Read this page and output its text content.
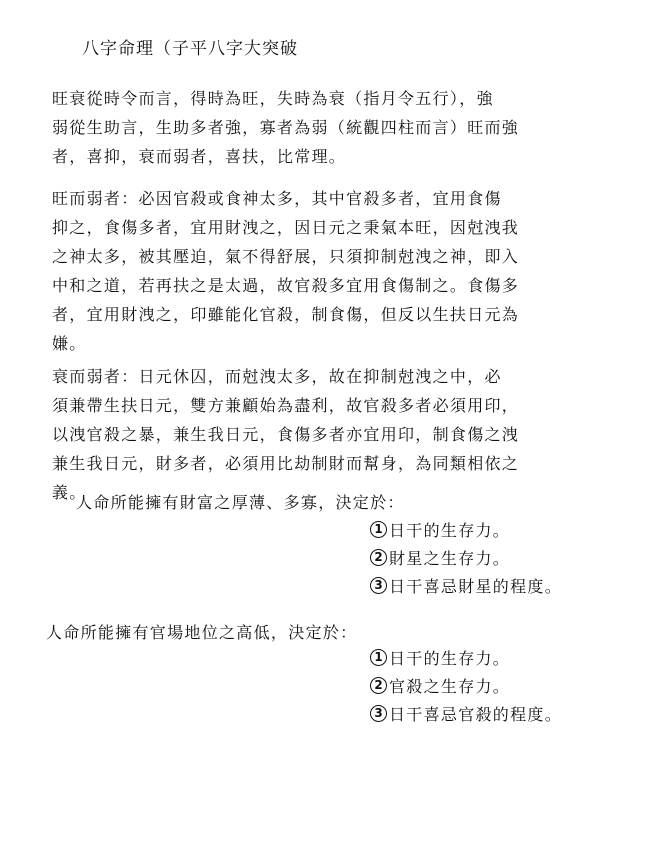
八字命理（子平八字大突破

旺衰從時令而言，得時為旺，失時為衰（指月令五行），強
弱從生助言，生助多者強，寡者為弱（統觀四柱而言）旺而強
者，喜抑，衰而弱者，喜扶，比常理。

旺而弱者：必因官殺或食神太多，其中官殺多者，宜用食傷
抑之，食傷多者，宜用財洩之，因日元之秉氣本旺，因尅洩我
之神太多，被其壓迫，氣不得舒展，只須抑制尅洩之神，即入
中和之道，若再扶之是太過，故官殺多宜用食傷制之。食傷多
者，宜用財洩之，印雖能化官殺，制食傷，但反以生扶日元為
嫌。

衰而弱者：日元休囚，而尅洩太多，故在抑制尅洩之中，必
須兼帶生扶日元，雙方兼顧始為盡利，故官殺多者必須用印，
以洩官殺之暴，兼生我日元，食傷多者亦宜用印，制食傷之洩
兼生我日元，財多者，必須用比劫制財而幫身，為同類相依之
義。

人命所能擁有財富之厚薄、多寡，決定於：
1 日干的生存力。
2 財星之生存力。
3 日干喜忌財星的程度。
人命所能擁有官場地位之高低，決定於：
1 日干的生存力。
2 官殺之生存力。
3 日干喜忌官殺的程度。
